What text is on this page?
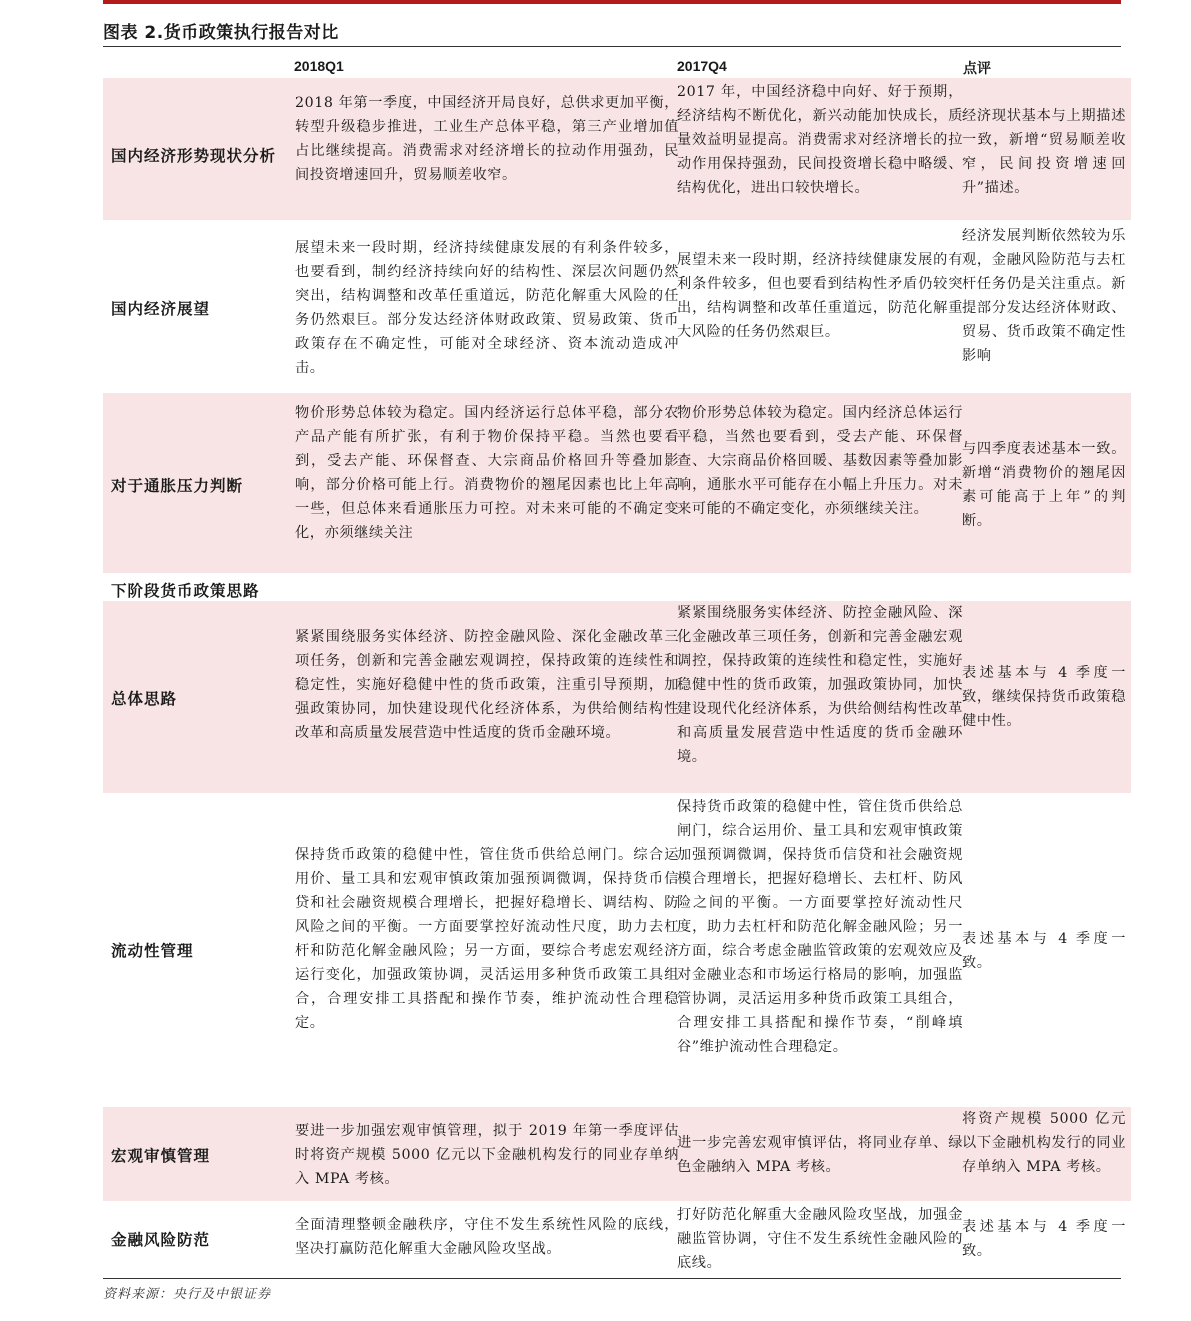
图表 2.货币政策执行报告对比
2018Q1	2017Q4	点评
国内经济形势现状分析
2018 年第一季度，中国经济开局良好，总供求更加平衡，转型升级稳步推进，工业生产总体平稳，第三产业增加值占比继续提高。消费需求对经济增长的拉动作用强劲，民间投资增速回升，贸易顺差收窄。
2017 年，中国经济稳中向好、好于预期，经济结构不断优化，新兴动能加快成长，质量效益明显提高。消费需求对经济增长的拉动作用保持强劲，民间投资增长稳中略缓、结构优化，进出口较快增长。
经济现状基本与上期描述一致，新增“贸易顺差收窄，民间投资增速回升”描述。
国内经济展望
展望未来一段时期，经济持续健康发展的有利条件较多，也要看到，制约经济持续向好的结构性、深层次问题仍然突出，结构调整和改革任重道远，防范化解重大风险的任务仍然艰巨。部分发达经济体财政政策、贸易政策、货币政策存在不确定性，可能对全球经济、资本流动造成冲击。
展望未来一段时期，经济持续健康发展的有利条件较多，但也要看到结构性矛盾仍较突出，结构调整和改革任重道远，防范化解重大风险的任务仍然艰巨。
经济发展判断依然较为乐观，金融风险防范与去杠杆任务仍是关注重点。新提部分发达经济体财政、贸易、货币政策不确定性影响
对于通胀压力判断
物价形势总体较为稳定。国内经济运行总体平稳，部分农产品产能有所扩张，有利于物价保持平稳。当然也要看到，受去产能、环保督查、大宗商品价格回升等叠加影响，部分价格可能上行。消费物价的翘尾因素也比上年高一些，但总体来看通胀压力可控。对未来可能的不确定变化，亦须继续关注
物价形势总体较为稳定。国内经济总体运行平稳，当然也要看到，受去产能、环保督查、大宗商品价格回暖、基数因素等叠加影响，通胀水平可能存在小幅上升压力。对未来可能的不确定变化，亦须继续关注。
与四季度表述基本一致。新增“消费物价的翘尾因素可能高于上年”的判断。
下阶段货币政策思路
总体思路
紧紧围绕服务实体经济、防控金融风险、深化金融改革三项任务，创新和完善金融宏观调控，保持政策的连续性和稳定性，实施好稳健中性的货币政策，注重引导预期，加强政策协同，加快建设现代化经济体系，为供给侧结构性改革和高质量发展营造中性适度的货币金融环境。
紧紧围绕服务实体经济、防控金融风险、深化金融改革三项任务，创新和完善金融宏观调控，保持政策的连续性和稳定性，实施好稳健中性的货币政策，加强政策协同，加快建设现代化经济体系，为供给侧结构性改革和高质量发展营造中性适度的货币金融环境。
表述基本与 4 季度一致，继续保持货币政策稳健中性。
流动性管理
保持货币政策的稳健中性，管住货币供给总闸门。综合运用价、量工具和宏观审慎政策加强预调微调，保持货币信贷和社会融资规模合理增长，把握好稳增长、调结构、防风险之间的平衡。一方面要掌控好流动性尺度，助力去杠杆和防范化解金融风险；另一方面，要综合考虑宏观经济运行变化，加强政策协调，灵活运用多种货币政策工具组合，合理安排工具搭配和操作节奏，维护流动性合理稳定。
保持货币政策的稳健中性，管住货币供给总闸门，综合运用价、量工具和宏观审慎政策加强预调微调，保持货币信贷和社会融资规模合理增长，把握好稳增长、去杠杆、防风险之间的平衡。一方面要掌控好流动性尺度，助力去杠杆和防范化解金融风险；另一方面，综合考虑金融监管政策的宏观效应及对金融业态和市场运行格局的影响，加强监管协调，灵活运用多种货币政策工具组合，合理安排工具搭配和操作节奏，“削峰填谷”维护流动性合理稳定。
表述基本与 4 季度一致。
宏观审慎管理
要进一步加强宏观审慎管理，拟于 2019 年第一季度评估时将资产规模 5000 亿元以下金融机构发行的同业存单纳入 MPA 考核。
进一步完善宏观审慎评估，将同业存单、绿色金融纳入 MPA 考核。
将资产规模 5000 亿元以下金融机构发行的同业存单纳入 MPA 考核。
金融风险防范
全面清理整顿金融秩序，守住不发生系统性风险的底线，坚决打赢防范化解重大金融风险攻坚战。
打好防范化解重大金融风险攻坚战，加强金融监管协调，守住不发生系统性金融风险的底线。
表述基本与 4 季度一致。
资料来源：央行及中银证券
